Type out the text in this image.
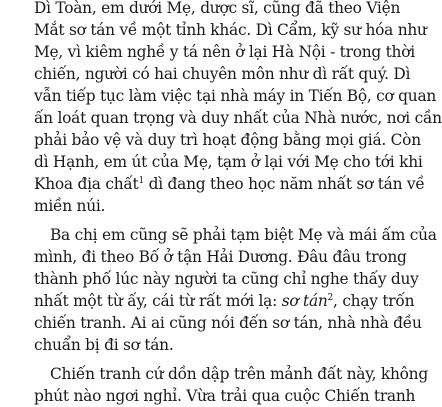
Dì Toàn, em dưới Mẹ, dược sĩ, cũng đã theo Viện
Mắt sơ tán về một tỉnh khác. Dì Cẩm, kỹ sư hóa như
Mẹ, vì kiêm nghề y tá nên ở lại Hà Nội - trong thời
chiến, người có hai chuyên môn như dì rất quý. Dì
vẫn tiếp tục làm việc tại nhà máy in Tiến Bộ, cơ quan
ấn loát quan trọng và duy nhất của Nhà nước, nơi cần
phải bảo vệ và duy trì hoạt động bằng mọi giá. Còn
dì Hạnh, em út của Mẹ, tạm ở lại với Mẹ cho tới khi
Khoa địa chất$^1$ dì đang theo học năm nhất sơ tán về
miền núi.
Ba chị em cũng sẽ phải tạm biệt Mẹ và mái ấm của
mình, đi theo Bố ở tận Hải Dương. Đâu đâu trong
thành phố lúc này người ta cũng chỉ nghe thấy duy
nhất một từ ấy, cái từ rất mới lạ: sơ tán$^2$, chạy trốn
chiến tranh. Ai ai cũng nói đến sơ tán, nhà nhà đều
chuẩn bị đi sơ tán.
Chiến tranh cứ dồn dập trên mảnh đất này, không
phút nào ngơi nghỉ. Vừa trải qua cuộc Chiến tranh
